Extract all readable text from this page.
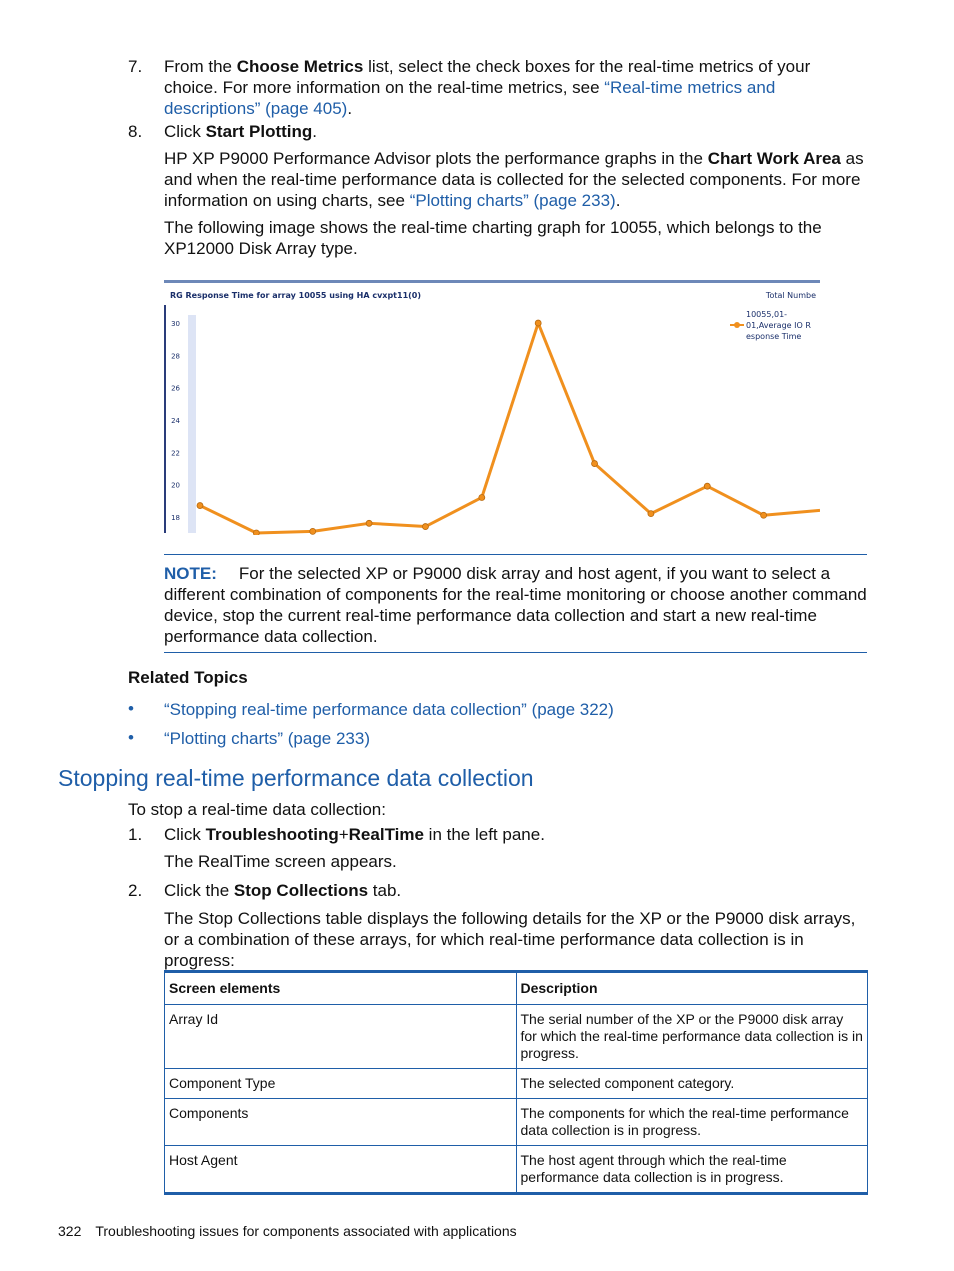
7. From the Choose Metrics list, select the check boxes for the real-time metrics of your choice. For more information on the real-time metrics, see “Real-time metrics and descriptions” (page 405).

8. Click Start Plotting.

HP XP P9000 Performance Advisor plots the performance graphs in the Chart Work Area as and when the real-time performance data is collected for the selected components. For more information on using charts, see “Plotting charts” (page 233).

The following image shows the real-time charting graph for 10055, which belongs to the XP12000 Disk Array type.

RG Response Time for array 10055 using HA cvxpt11(0)	Total Numbe
18
20
22
24
26
28
30
10055,01-01,Average IO R esponse Time

NOTE: For the selected XP or P9000 disk array and host agent, if you want to select a different combination of components for the real-time monitoring or choose another command device, stop the current real-time performance data collection and start a new real-time performance data collection.

Related Topics

• “Stopping real-time performance data collection” (page 322)
• “Plotting charts” (page 233)
Stopping real-time performance data collection

To stop a real-time data collection:

1. Click Troubleshooting+RealTime in the left pane.

The RealTime screen appears.

2. Click the Stop Collections tab.

The Stop Collections table displays the following details for the XP or the P9000 disk arrays, or a combination of these arrays, for which real-time performance data collection is in progress:

Screen elements	Description
Array Id	The serial number of the XP or the P9000 disk array for which the real-time performance data collection is in progress.
Component Type	The selected component category.
Components	The components for which the real-time performance data collection is in progress.
Host Agent	The host agent through which the real-time performance data collection is in progress.
322 Troubleshooting issues for components associated with applications
